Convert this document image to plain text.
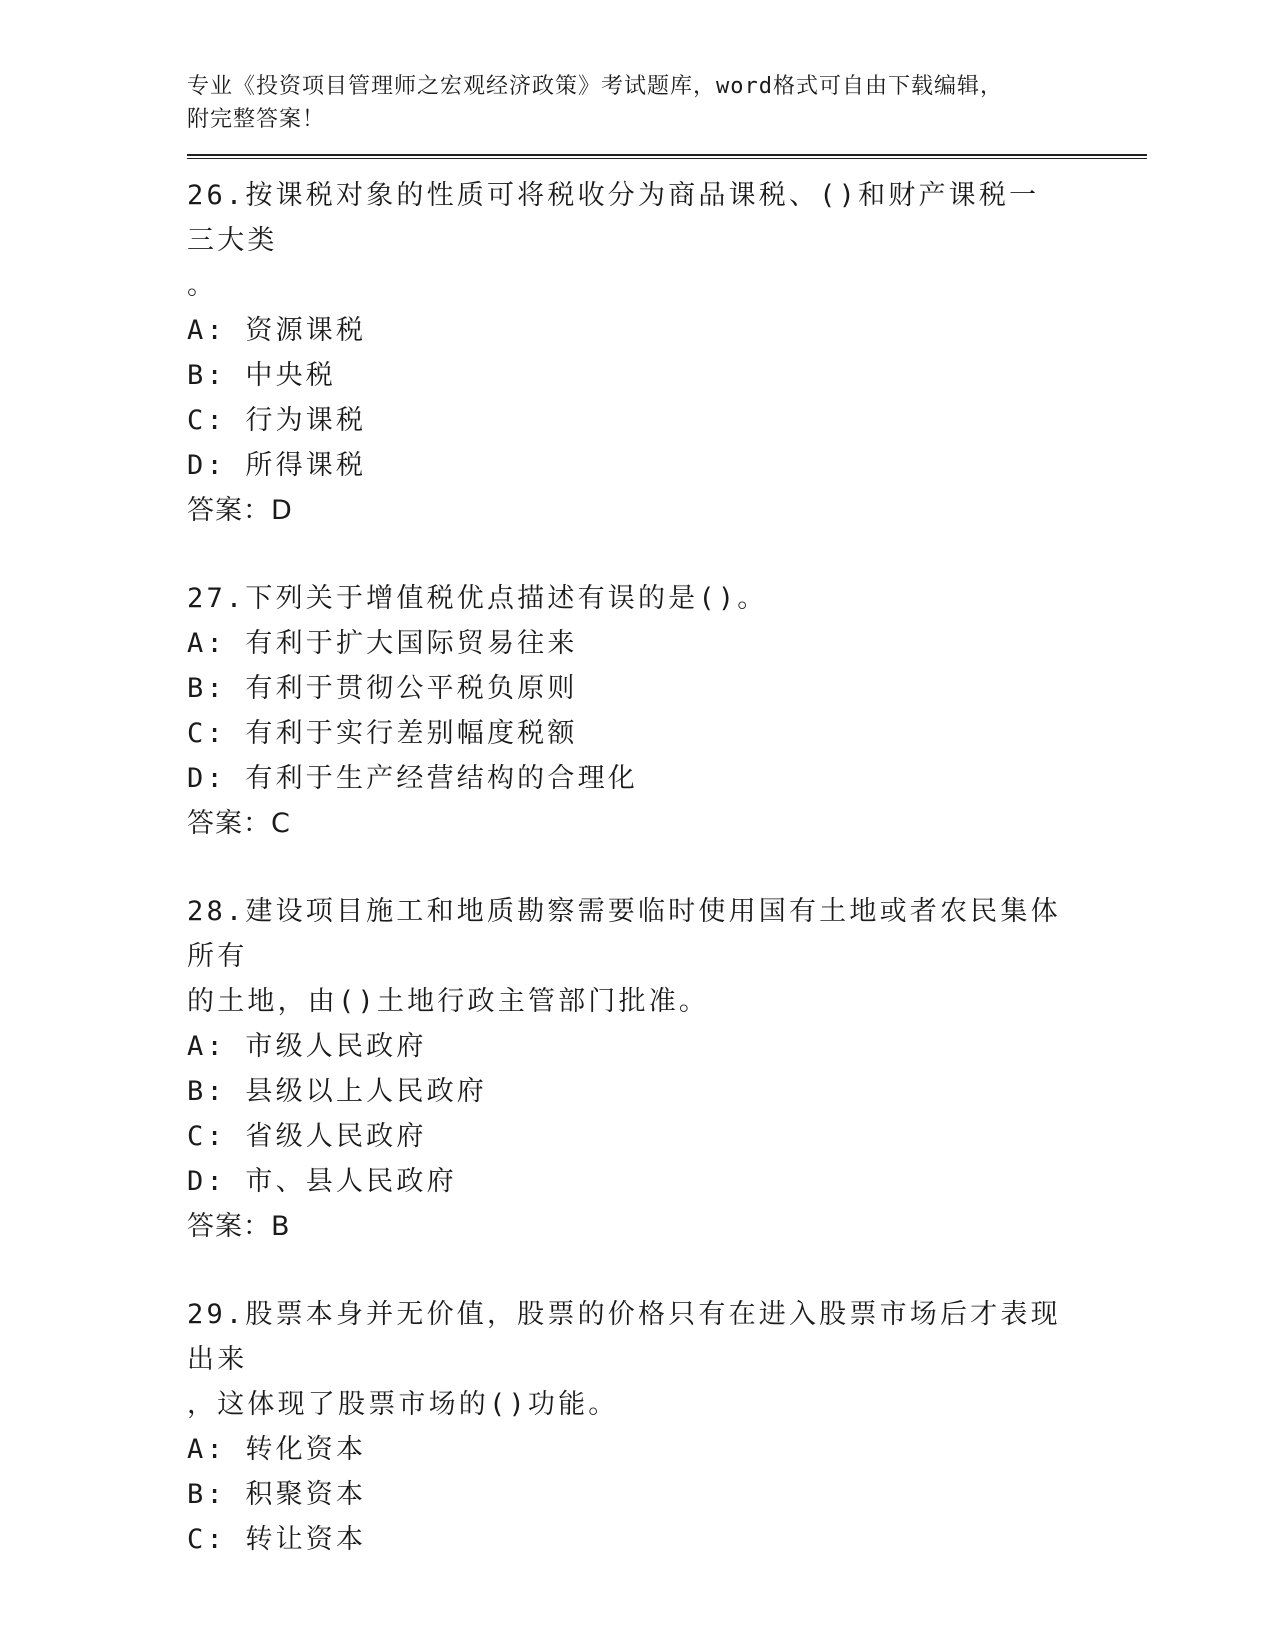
专业《投资项目管理师之宏观经济政策》考试题库，word格式可自由下载编辑，

附完整答案！

26.按课税对象的性质可将税收分为商品课税、()和财产课税一三大类
。

A: 资源课税

B: 中央税

C: 行为课税

D: 所得课税

答案：D

27.下列关于增值税优点描述有误的是()。

A: 有利于扩大国际贸易往来

B: 有利于贯彻公平税负原则

C: 有利于实行差别幅度税额

D: 有利于生产经营结构的合理化

答案：C

28.建设项目施工和地质勘察需要临时使用国有土地或者农民集体所有
的土地，由()土地行政主管部门批准。

A: 市级人民政府

B: 县级以上人民政府

C: 省级人民政府

D: 市、县人民政府

答案：B

29.股票本身并无价值，股票的价格只有在进入股票市场后才表现出来
，这体现了股票市场的()功能。

A: 转化资本

B: 积聚资本

C: 转让资本
